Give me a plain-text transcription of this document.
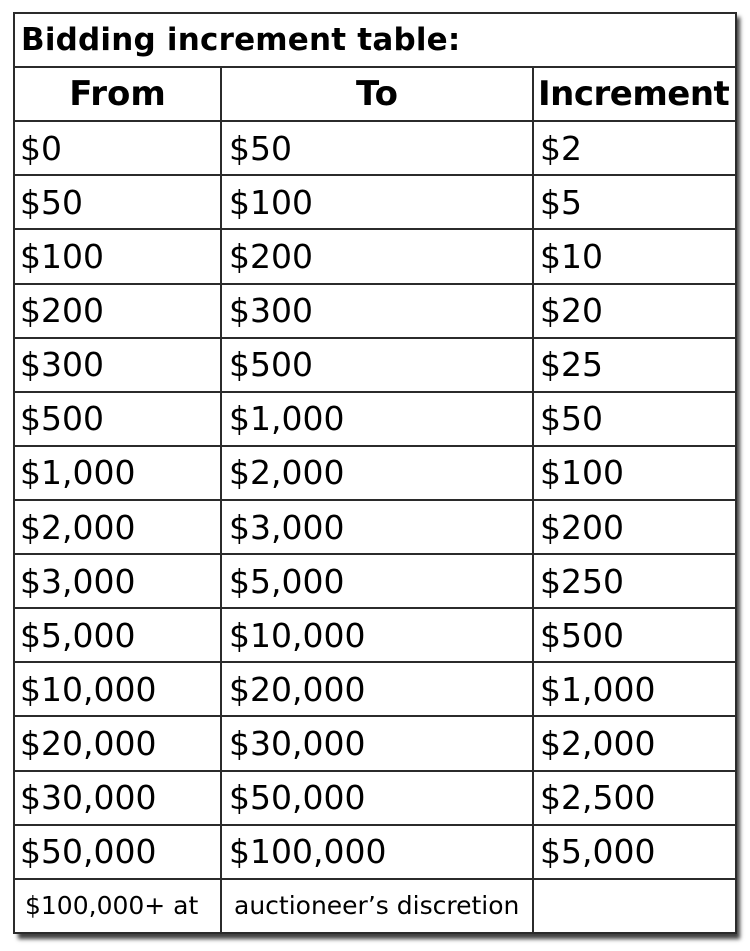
Bidding increment table:		
From	To	Increment
$0	$50	$2
$50	$100	$5
$100	$200	$10
$200	$300	$20
$300	$500	$25
$500	$1,000	$50
$1,000	$2,000	$100
$2,000	$3,000	$200
$3,000	$5,000	$250
$5,000	$10,000	$500
$10,000	$20,000	$1,000
$20,000	$30,000	$2,000
$30,000	$50,000	$2,500
$50,000	$100,000	$5,000
$100,000+ at	auctioneer’s discretion	
